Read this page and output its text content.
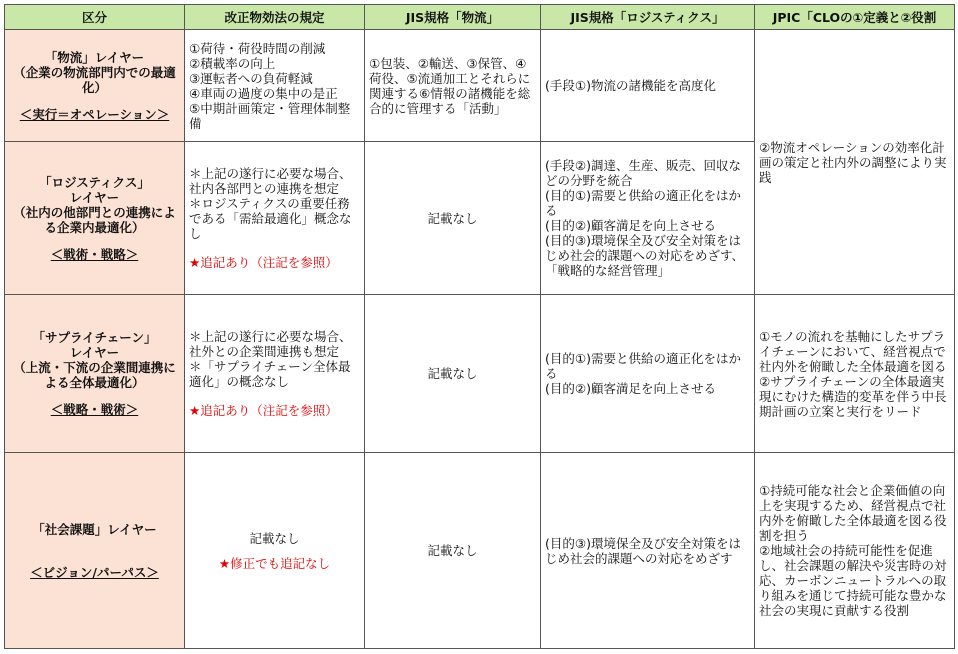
区分	改正物効法の規定	JIS規格「物流」	JIS規格「ロジスティクス」	JPIC「CLOの①定義と②役割
「物流」レイヤー
（企業の物流部門内での最適化）
＜実行＝オペレーション＞	①荷待・荷役時間の削減
②積載率の向上
③運転者への負荷軽減
④車両の過度の集中の是正
⑤中期計画策定・管理体制整備	①包装、②輸送、③保管、④荷役、⑤流通加工とそれらに関連する⑥情報の諸機能を総合的に管理する「活動」	(手段①)物流の諸機能を高度化	②物流オペレーションの効率化計画の策定と社内外の調整により実践
「ロジスティクス」
レイヤー
（社内の他部門との連携による企業内最適化）
＜戦術・戦略＞	＊上記の遂行に必要な場合、社内各部門との連携を想定
＊ロジスティクスの重要任務である「需給最適化」概念なし
★追記あり（注記を参照）	記載なし	(手段②)調達、生産、販売、回収などの分野を統合
(目的①)需要と供給の適正化をはかる
(目的②)顧客満足を向上させる
(目的③)環境保全及び安全対策をはじめ社会的課題への対応をめざす、「戦略的な経営管理」	
「サプライチェーン」
レイヤー
（上流・下流の企業間連携による全体最適化）
＜戦略・戦術＞	＊上記の遂行に必要な場合、社外との企業間連携も想定
＊「サプライチェーン全体最適化」の概念なし
★追記あり（注記を参照）	記載なし	(目的①)需要と供給の適正化をはかる
(目的②)顧客満足を向上させる	①モノの流れを基軸にしたサプライチェーンにおいて、経営視点で社内外を俯瞰した全体最適を図る
②サプライチェーンの全体最適実現にむけた構造的変革を伴う中長期計画の立案と実行をリード
「社会課題」レイヤー
＜ビジョン/パーパス＞	記載なし
★修正でも追記なし	記載なし	(目的③)環境保全及び安全対策をはじめ社会的課題への対応をめざす	①持続可能な社会と企業価値の向上を実現するため、経営視点で社内外を俯瞰した全体最適を図る役割を担う
②地域社会の持続可能性を促進し、社会課題の解決や災害時の対応、カーボンニュートラルへの取り組みを通じて持続可能な豊かな社会の実現に貢献する役割
